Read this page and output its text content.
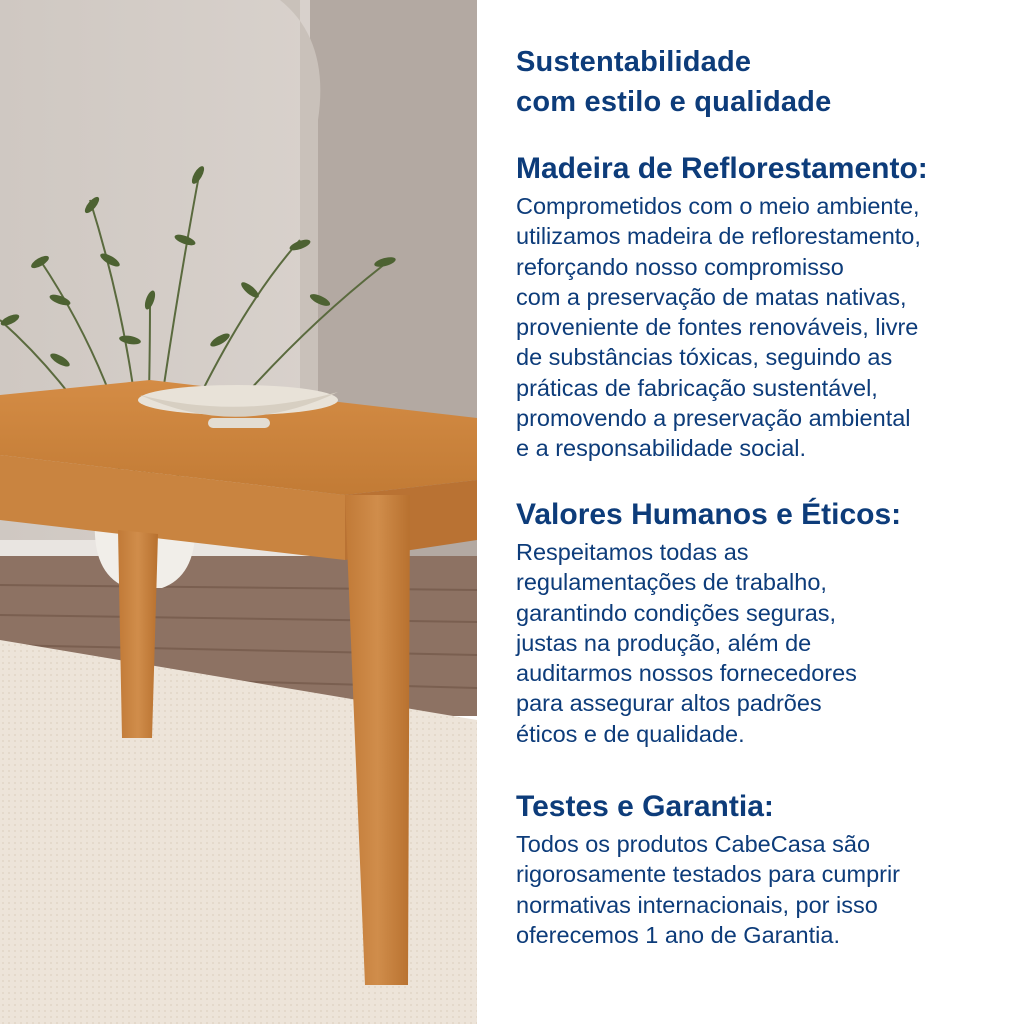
Sustentabilidade
com estilo e qualidade
Madeira de Reflorestamento:
Comprometidos com o meio ambiente,
utilizamos madeira de reflorestamento,
reforçando nosso compromisso
com a preservação de matas nativas,
proveniente de fontes renováveis, livre
de substâncias tóxicas, seguindo as
práticas de fabricação sustentável,
promovendo a preservação ambiental
e a responsabilidade social.
Valores Humanos e Éticos:
Respeitamos todas as
regulamentações de trabalho,
garantindo condições seguras,
justas na produção, além de
auditarmos nossos fornecedores
para assegurar altos padrões
éticos e de qualidade.
Testes e Garantia:
Todos os produtos CabeCasa são
rigorosamente testados para cumprir
normativas internacionais, por isso
oferecemos 1 ano de Garantia.
